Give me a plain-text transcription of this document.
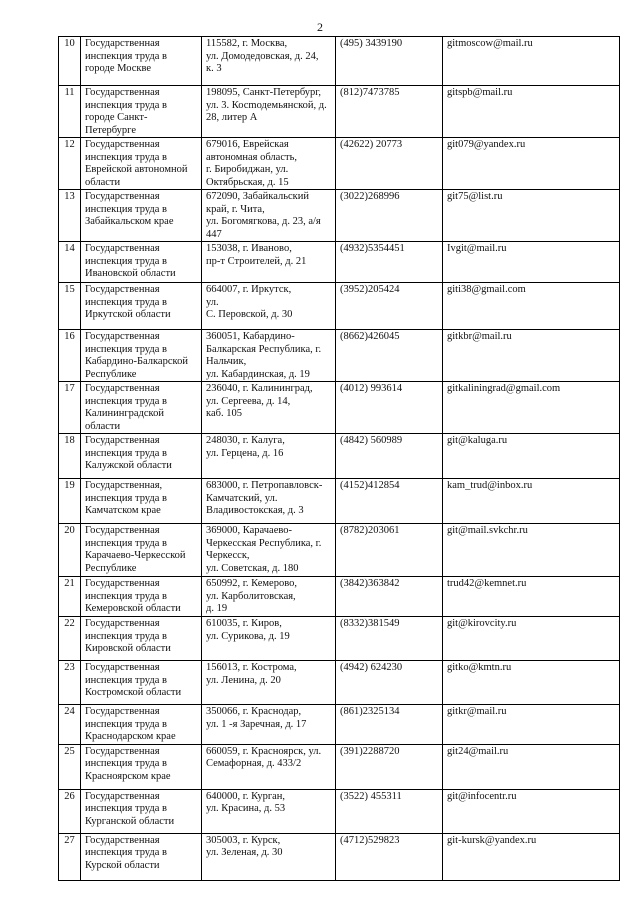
2
10	Государственная
инспекция труда в
городе Москве	115582, г. Москва,
ул. Домодедовская, д. 24,
к. 3	(495) 3439190	gitmoscow@mail.ru
11	Государственная
инспекция труда в
городе Санкт-
Петербурге	198095, Санкт-Петербург,
ул. 3. Косmодемьянской, д.
28, литер А	(812)7473785	gitspb@mail.ru
12	Государственная
инспекция труда в
Еврейской автономной
области	679016, Еврейская
автономная область,
г. Биробиджан, ул.
Октябрьская, д. 15	(42622) 20773	git079@yandex.ru
13	Государственная
инспекция труда в
Забайкальском крае	672090, Забайкальский
край, г. Чита,
ул. Богомягкова, д. 23, а/я
447	(3022)268996	git75@list.ru
14	Государственная
инспекция труда в
Ивановской области	153038, г. Иваново,
пр-т Строителей, д. 21	(4932)5354451	Ivgit@mail.ru
15	Государственная
инспекция труда в
Иркутской области	664007, г. Иркутск,
ул.
С. Перовской, д. 30	(3952)205424	giti38@gmail.com
16	Государственная
инспекция труда в
Кабардино-Балкарской
Республике	360051, Кабардино-
Балкарская Республика, г.
Нальчик,
ул. Кабардинская, д. 19	(8662)426045	gitkbr@mail.ru
17	Государственная
инспекция труда в
Калининградской
области	236040, г. Калининград,
ул. Сергеева, д. 14,
каб. 105	(4012) 993614	gitkaliningrad@gmail.com
18	Государственная
инспекция труда в
Калужской области	248030, г. Калуга,
ул. Герцена, д. 16	(4842) 560989	git@kaluga.ru
19	Государственная,
инспекция труда в
Камчатском крае	683000, г. Петропавловск-
Камчатский, ул.
Владивостокская, д. 3	(4152)412854	kam_trud@inbox.ru
20	Государственная
инспекция труда в
Карачаево-Черкесской
Республике	369000, Карачаево-
Черкесская Республика, г.
Черкесск,
ул. Советская, д. 180	(8782)203061	git@mail.svkchr.ru
21	Государственная
инспекция труда в
Кемеровской области	650992, г. Кемерово,
ул. Карболитовская,
д. 19	(3842)363842	trud42@kemnet.ru
22	Государственная
инспекция труда в
Кировской области	610035, г. Киров,
ул. Сурикова, д. 19	(8332)381549	git@kirovcity.ru
23	Государственная
инспекция труда в
Костромской области	156013, г. Кострома,
ул. Ленина, д. 20	(4942) 624230	gitko@kmtn.ru
24	Государственная
инспекция труда в
Краснодарском крае	350066, г. Краснодар,
ул. 1 -я Заречная, д. 17	(861)2325134	gitkr@mail.ru
25	Государственная
инспекция труда в
Красноярском крае	660059, г. Красноярск, ул.
Семафорная, д. 433/2	(391)2288720	git24@mail.ru
26	Государственная
инспекция труда в
Курганской области	640000, г. Курган,
ул. Красина, д. 53	(3522) 455311	git@infocentr.ru
27	Государственная
инспекция труда в
Курской области	305003, г. Курск,
ул. Зеленая, д. 30	(4712)529823	git-kursk@yandex.ru
